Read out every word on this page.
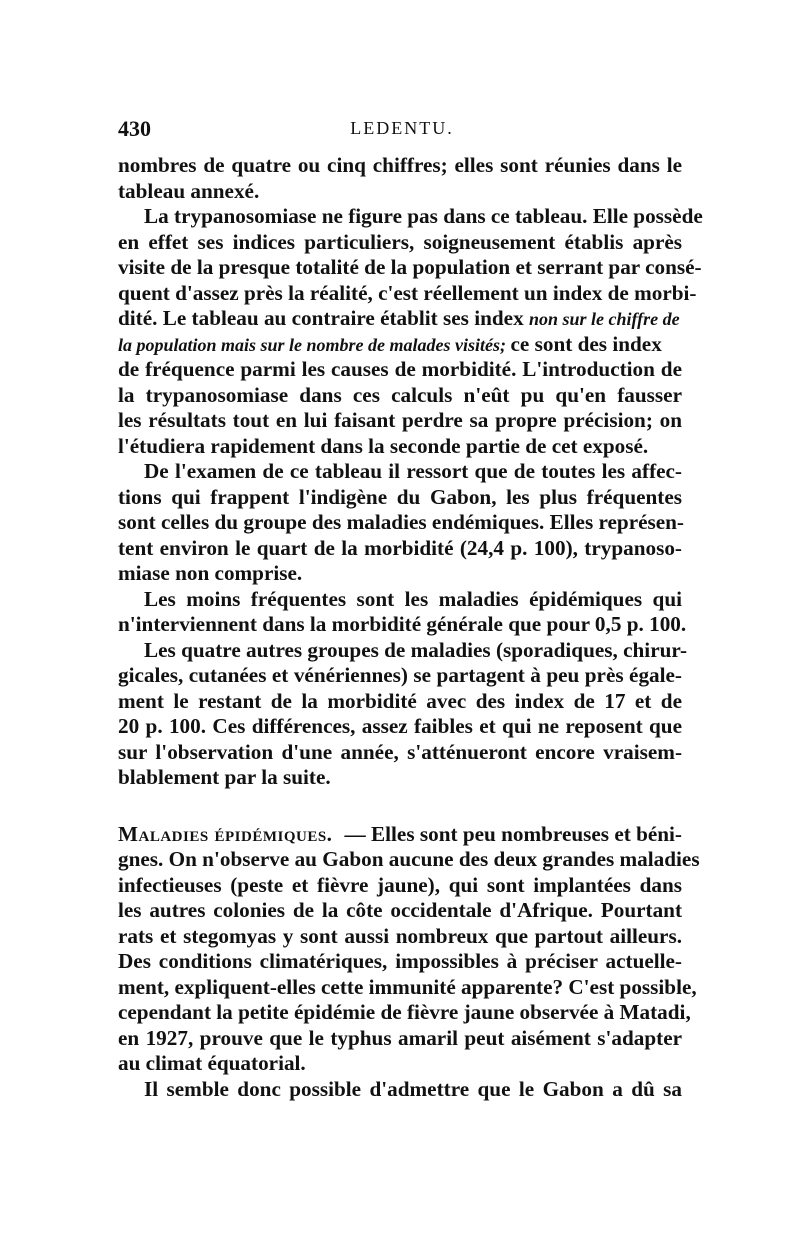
430	LEDENTU.
nombres de quatre ou cinq chiffres; elles sont réunies dans le
tableau annexé.
La trypanosomiase ne figure pas dans ce tableau. Elle possède
en effet ses indices particuliers, soigneusement établis après
visite de la presque totalité de la population et serrant par consé-
quent d'assez près la réalité, c'est réellement un index de morbi-
dité. Le tableau au contraire établit ses index non sur le chiffre de
la population mais sur le nombre de malades visités; ce sont des index
de fréquence parmi les causes de morbidité. L'introduction de
la trypanosomiase dans ces calculs n'eût pu qu'en fausser
les résultats tout en lui faisant perdre sa propre précision; on
l'étudiera rapidement dans la seconde partie de cet exposé.
De l'examen de ce tableau il ressort que de toutes les affec-
tions qui frappent l'indigène du Gabon, les plus fréquentes
sont celles du groupe des maladies endémiques. Elles représen-
tent environ le quart de la morbidité (24,4 p. 100), trypanoso-
miase non comprise.
Les moins fréquentes sont les maladies épidémiques qui
n'interviennent dans la morbidité générale que pour 0,5 p. 100.
Les quatre autres groupes de maladies (sporadiques, chirur-
gicales, cutanées et vénériennes) se partagent à peu près égale-
ment le restant de la morbidité avec des index de 17 et de
20 p. 100. Ces différences, assez faibles et qui ne reposent que
sur l'observation d'une année, s'atténueront encore vraisem-
blablement par la suite.
Maladies épidémiques. — Elles sont peu nombreuses et béni-
gnes. On n'observe au Gabon aucune des deux grandes maladies
infectieuses (peste et fièvre jaune), qui sont implantées dans
les autres colonies de la côte occidentale d'Afrique. Pourtant
rats et stegomyas y sont aussi nombreux que partout ailleurs.
Des conditions climatériques, impossibles à préciser actuelle-
ment, expliquent-elles cette immunité apparente? C'est possible,
cependant la petite épidémie de fièvre jaune observée à Matadi,
en 1927, prouve que le typhus amaril peut aisément s'adapter
au climat équatorial.
Il semble donc possible d'admettre que le Gabon a dû sa
